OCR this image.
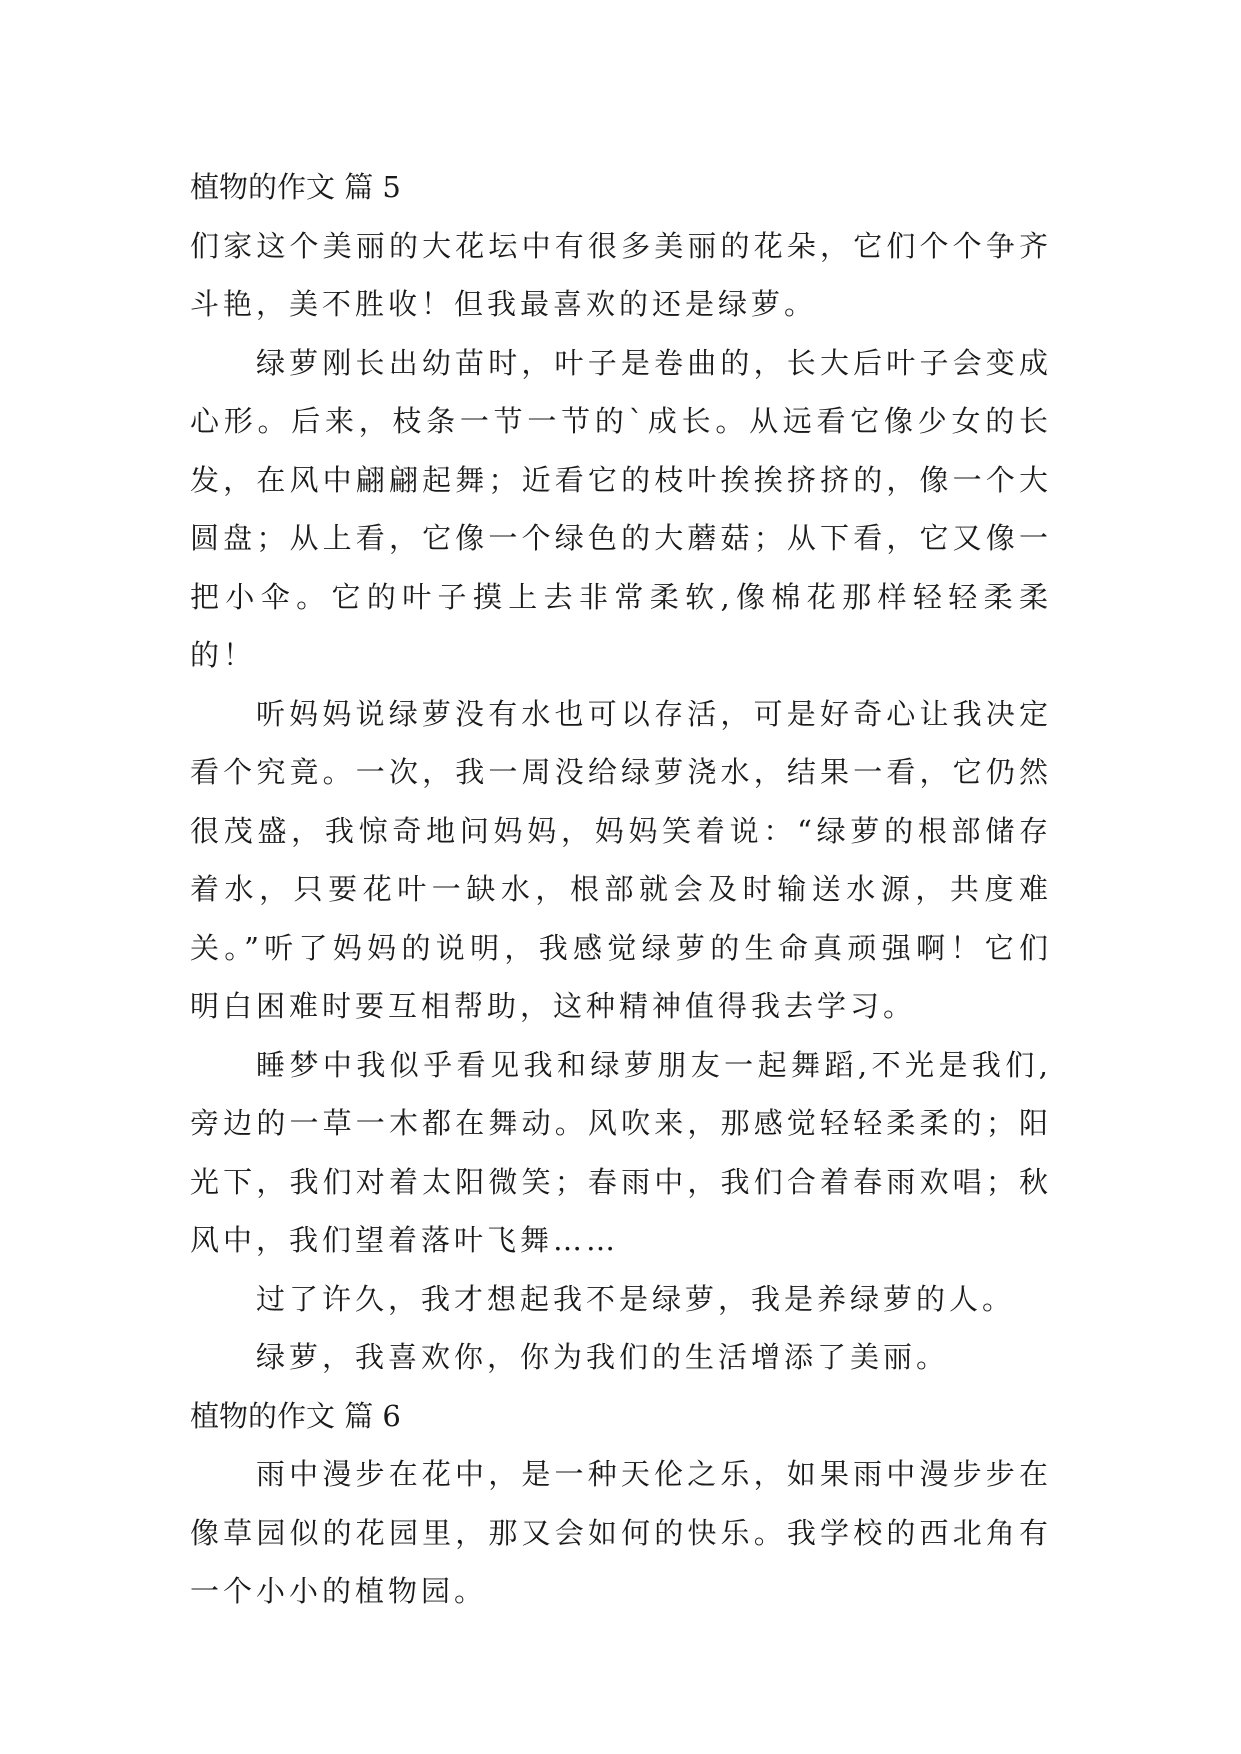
植物的作文 篇 5

们家这个美丽的大花坛中有很多美丽的花朵，它们个个争齐斗艳，美不胜收！但我最喜欢的还是绿萝。

绿萝刚长出幼苗时，叶子是卷曲的，长大后叶子会变成心形。后来，枝条一节一节的`成长。从远看它像少女的长发，在风中翩翩起舞；近看它的枝叶挨挨挤挤的，像一个大圆盘；从上看，它像一个绿色的大蘑菇；从下看，它又像一把小伞。它的叶子摸上去非常柔软,像棉花那样轻轻柔柔的！

听妈妈说绿萝没有水也可以存活，可是好奇心让我决定看个究竟。一次，我一周没给绿萝浇水，结果一看，它仍然很茂盛，我惊奇地问妈妈，妈妈笑着说：“绿萝的根部储存着水，只要花叶一缺水，根部就会及时输送水源，共度难关。”听了妈妈的说明，我感觉绿萝的生命真顽强啊！它们明白困难时要互相帮助，这种精神值得我去学习。

睡梦中我似乎看见我和绿萝朋友一起舞蹈,不光是我们,旁边的一草一木都在舞动。风吹来，那感觉轻轻柔柔的；阳光下，我们对着太阳微笑；春雨中，我们合着春雨欢唱；秋风中，我们望着落叶飞舞……

过了许久，我才想起我不是绿萝，我是养绿萝的人。

绿萝，我喜欢你，你为我们的生活增添了美丽。

植物的作文 篇 6

雨中漫步在花中，是一种天伦之乐，如果雨中漫步步在像草园似的花园里，那又会如何的快乐。我学校的西北角有一个小小的植物园。
